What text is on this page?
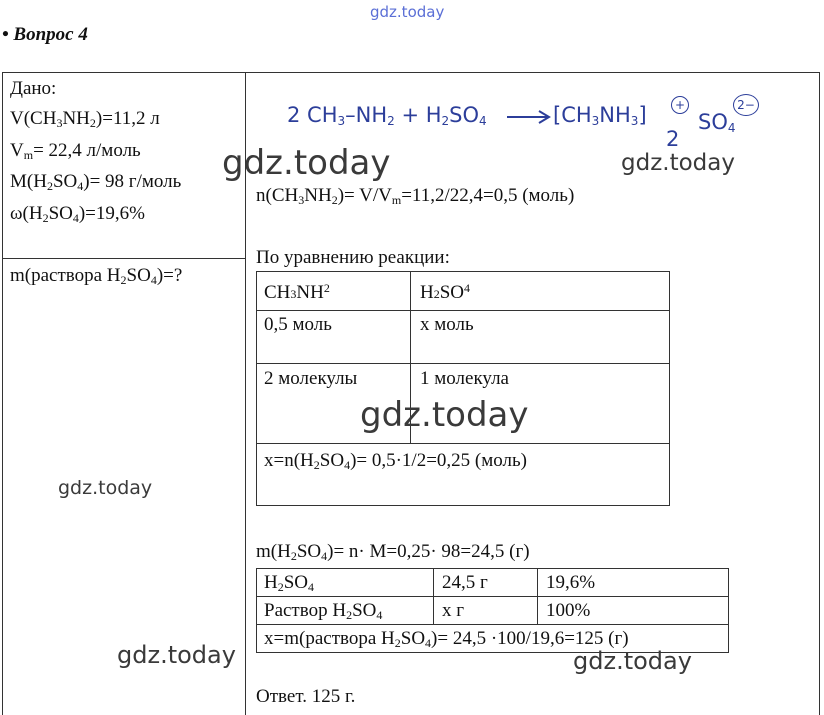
gdz.today
• Вопрос 4
Дано:
$V(CH_3NH_2)=11,2$ л
$V_m= 22,4$ л/моль
$M(H_2SO_4)= 98$ г/моль
$\omega(H_2SO_4)=19,6\%$
m(раствора $H_2SO_4)=$?
2 $CH_3-NH_2 + H_2SO_4 \to [CH_3NH_3]$
2
+
$SO_4$
2−
$n(CH_3NH_2)= V/V_m=11,2/22,4=0,5$ (моль)
По уравнению реакции:
$CH3NH^2$	$H2SO^4$
0,5 моль	x моль
2 молекулы	1 молекула
$x=n(H_2SO_4)= 0,5\cdot 1/2=0,25$ (моль)
$m(H_2SO_4)= n\cdot M=0,25\cdot 98=24,5$ (г)
$H_2SO_4$	24,5 г	19,6%
Раствор $H_2SO_4$	x г	100%
x=m(раствора $H_2SO_4)= 24,5 \cdot 100/19,6=125$ (г)
Ответ. 125 г.
gdz.today	gdz.today
gdz.today
gdz.today
gdz.today	gdz.today
